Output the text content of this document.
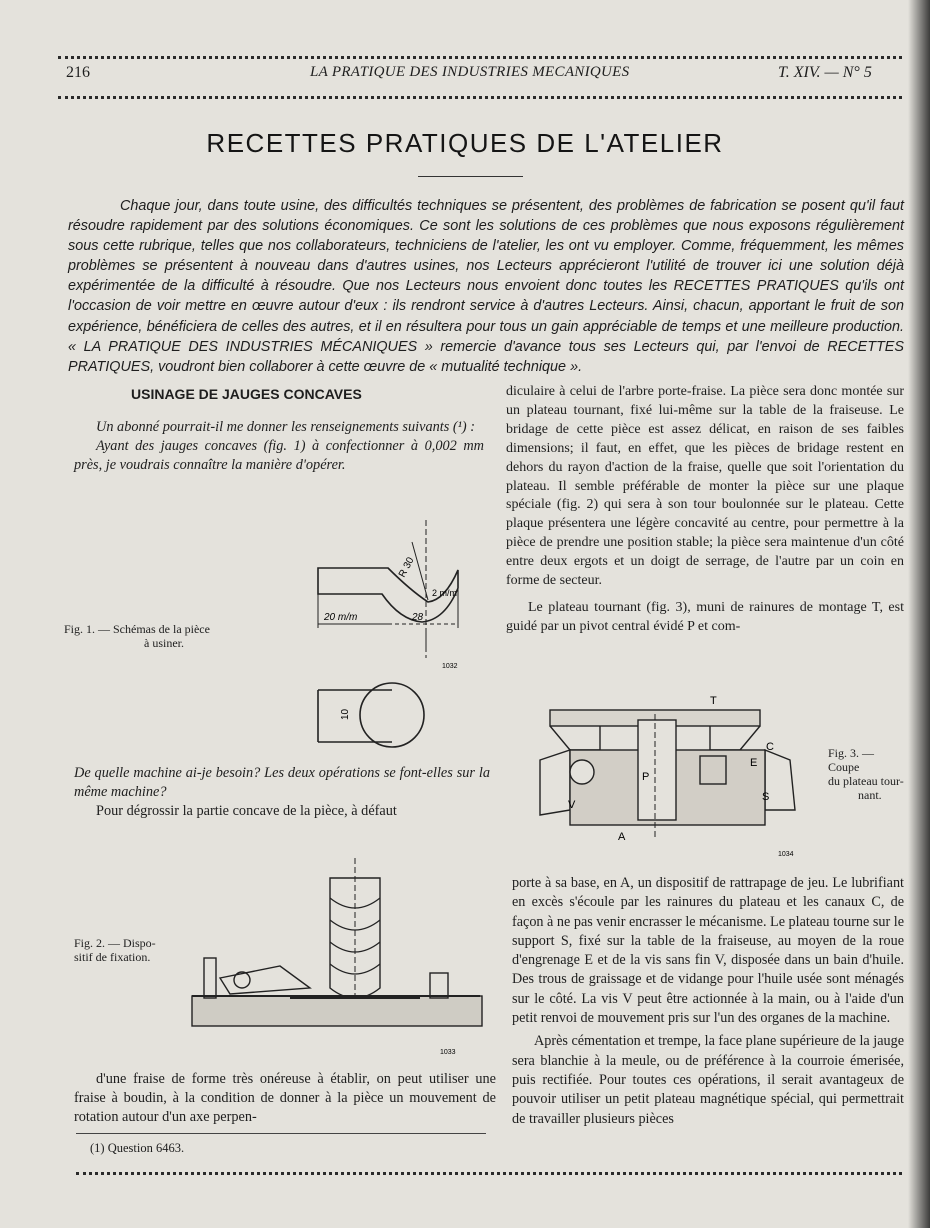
216	LA PRATIQUE DES INDUSTRIES MECANIQUES	T. XIV. — N° 5
RECETTES PRATIQUES DE L'ATELIER

Chaque jour, dans toute usine, des difficultés techniques se présentent, des problèmes de fabrication se posent qu'il faut résoudre rapidement par des solutions économiques. Ce sont les solutions de ces problèmes que nous exposons régulièrement sous cette rubrique, telles que nos collaborateurs, techniciens de l'atelier, les ont vu employer. Comme, fréquemment, les mêmes problèmes se présentent à nouveau dans d'autres usines, nos Lecteurs apprécieront l'utilité de trouver ici une solution déjà expérimentée de la difficulté à résoudre. Que nos Lecteurs nous envoient donc toutes les RECETTES PRATIQUES qu'ils ont l'occasion de voir mettre en œuvre autour d'eux : ils rendront service à d'autres Lecteurs. Ainsi, chacun, apportant le fruit de son expérience, bénéficiera de celles des autres, et il en résultera pour tous un gain appréciable de temps et une meilleure production. « LA PRATIQUE DES INDUSTRIES MÉCANIQUES » remercie d'avance tous ses Lecteurs qui, par l'envoi de RECETTES PRATIQUES, voudront bien collaborer à cette œuvre de « mutualité technique ».

USINAGE DE JAUGES CONCAVES

Un abonné pourrait-il me donner les renseignements suivants (¹) :

Ayant des jauges concaves (fig. 1) à confectionner à 0,002 mm près, je voudrais connaître la manière d'opérer.

Fig. 1. — Schémas de la pièce
à usiner.
R 30
20 m/m	28
2 m/m
10
1032

De quelle machine ai-je besoin? Les deux opérations se font-elles sur la même machine?

Pour dégrossir la partie concave de la pièce, à défaut

Fig. 2. — Dispo-
sitif de fixation.
1033

d'une fraise de forme très onéreuse à établir, on peut utiliser une fraise à boudin, à la condition de donner à la pièce un mouvement de rotation autour d'un axe perpen-

(1) Question 6463.

diculaire à celui de l'arbre porte-fraise. La pièce sera donc montée sur un plateau tournant, fixé lui-même sur la table de la fraiseuse. Le bridage de cette pièce est assez délicat, en raison de ses faibles dimensions; il faut, en effet, que les pièces de bridage restent en dehors du rayon d'action de la fraise, quelle que soit l'orientation du plateau. Il semble préférable de monter la pièce sur une plaque spéciale (fig. 2) qui sera à son tour boulonnée sur le plateau. Cette plaque présentera une légère concavité au centre, pour permettre à la pièce de prendre une position stable; la pièce sera maintenue d'un côté entre deux ergots et un doigt de serrage, de l'autre par un coin en forme de secteur.

Le plateau tournant (fig. 3), muni de rainures de montage T, est guidé par un pivot central évidé P et com-

T
C
E
P
S
V
A
1034
Fig. 3. — Coupe
du plateau tour-
nant.

porte à sa base, en A, un dispositif de rattrapage de jeu. Le lubrifiant en excès s'écoule par les rainures du plateau et les canaux C, de façon à ne pas venir encrasser le mécanisme. Le plateau tourne sur le support S, fixé sur la table de la fraiseuse, au moyen de la roue d'engrenage E et de la vis sans fin V, disposée dans un bain d'huile. Des trous de graissage et de vidange pour l'huile usée sont ménagés sur le côté. La vis V peut être actionnée à la main, ou à l'aide d'un petit renvoi de mouvement pris sur l'un des organes de la machine.

Après cémentation et trempe, la face plane supérieure de la jauge sera blanchie à la meule, ou de préférence à la courroie émerisée, puis rectifiée. Pour toutes ces opérations, il serait avantageux de pouvoir utiliser un petit plateau magnétique spécial, qui permettrait de travailler plusieurs pièces
